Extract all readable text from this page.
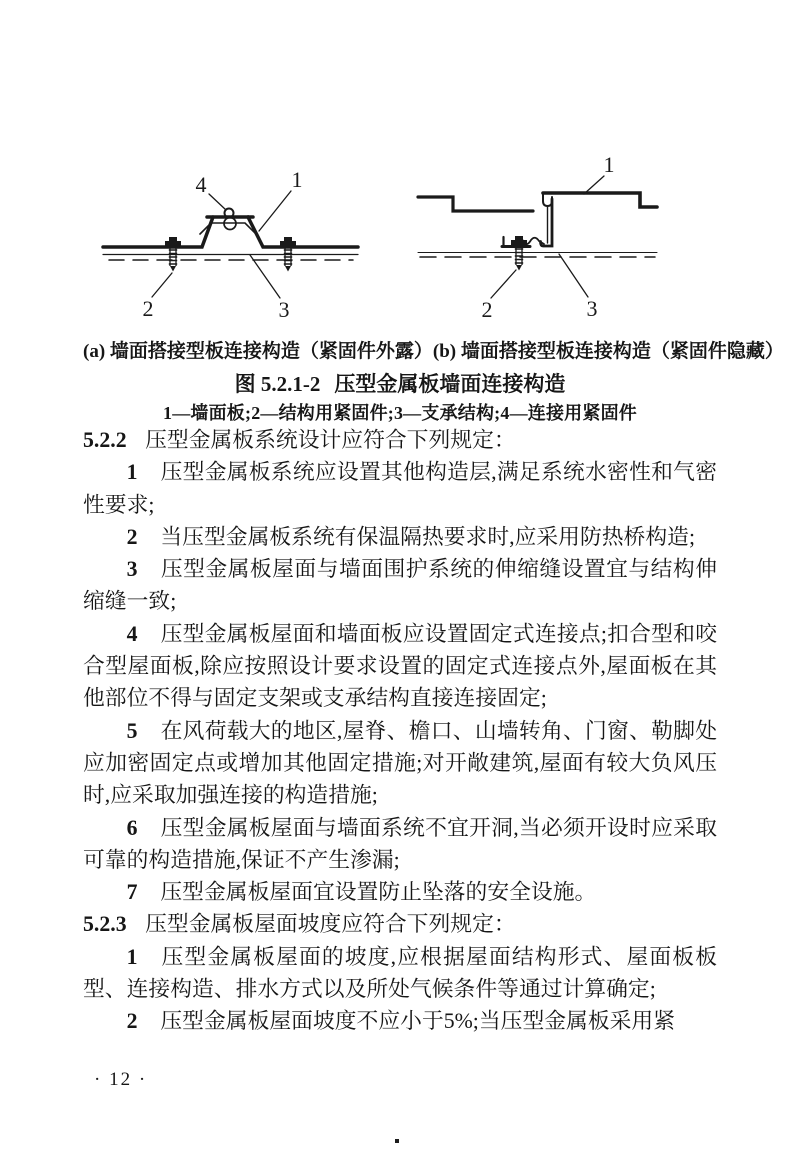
4	1
2	3
1
2	3
(a) 墙面搭接型板连接构造（紧固件外露） (b) 墙面搭接型板连接构造（紧固件隐藏）
图 5.2.1-2 压型金属板墙面连接构造
1—墙面板;2—结构用紧固件;3—支承结构;4—连接用紧固件

5.2.2 压型金属板系统设计应符合下列规定：

1 压型金属板系统应设置其他构造层,满足系统水密性和气密性要求;

2 当压型金属板系统有保温隔热要求时,应采用防热桥构造;

3 压型金属板屋面与墙面围护系统的伸缩缝设置宜与结构伸缩缝一致;

4 压型金属板屋面和墙面板应设置固定式连接点;扣合型和咬合型屋面板,除应按照设计要求设置的固定式连接点外,屋面板在其他部位不得与固定支架或支承结构直接连接固定;

5 在风荷载大的地区,屋脊、檐口、山墙转角、门窗、勒脚处应加密固定点或增加其他固定措施;对开敞建筑,屋面有较大负风压时,应采取加强连接的构造措施;

6 压型金属板屋面与墙面系统不宜开洞,当必须开设时应采取可靠的构造措施,保证不产生渗漏;

7 压型金属板屋面宜设置防止坠落的安全设施。

5.2.3 压型金属板屋面坡度应符合下列规定：

1 压型金属板屋面的坡度,应根据屋面结构形式、屋面板板型、连接构造、排水方式以及所处气候条件等通过计算确定;

2 压型金属板屋面坡度不应小于5%;当压型金属板采用紧

· 12 ·
